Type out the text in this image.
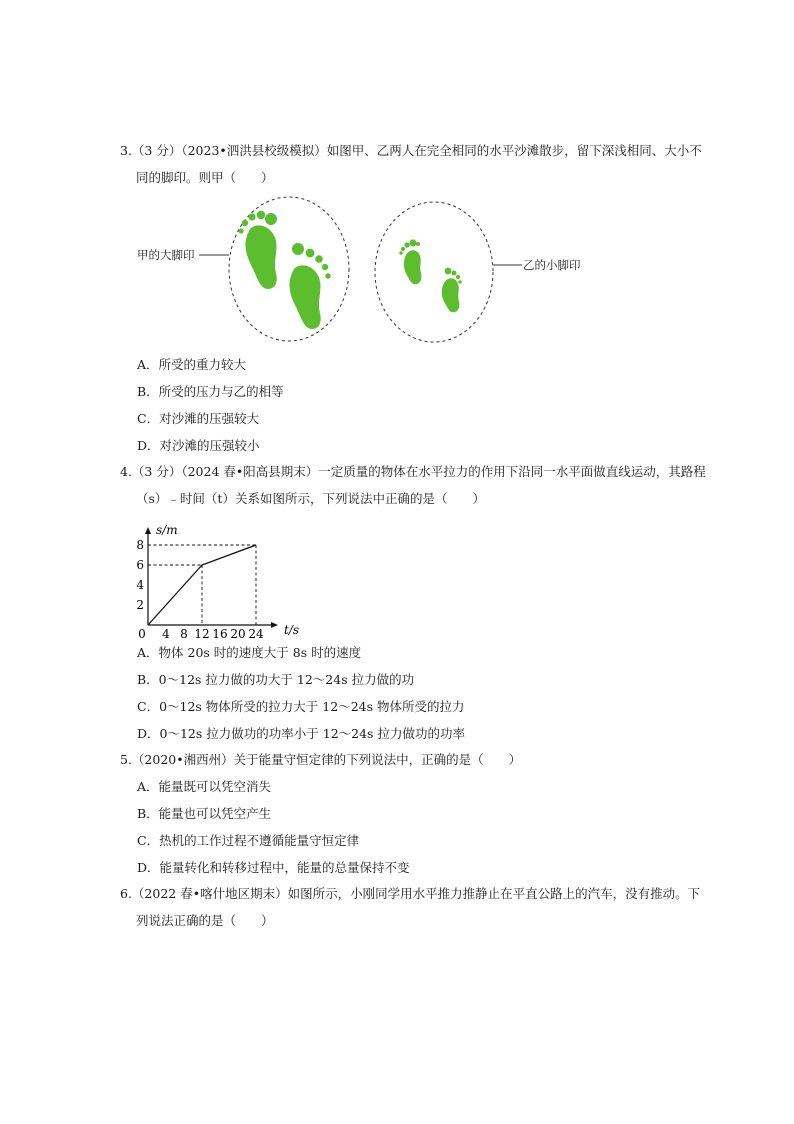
3.（3 分）（2023•泗洪县校级模拟）如图甲、乙两人在完全相同的水平沙滩散步，留下深浅相同、大小不
同的脚印。则甲（　　）
甲的大脚印
乙的小脚印
A．所受的重力较大
B．所受的压力与乙的相等
C．对沙滩的压强较大
D．对沙滩的压强较小
4.（3 分）（2024 春•阳高县期末）一定质量的物体在水平拉力的作用下沿同一水平面做直线运动，其路程
（s）﹣时间（t）关系如图所示，下列说法中正确的是（　　）
s/m
t/s
0 4 8 12 16 20 24
2
4
6
8
A．物体 20s 时的速度大于 8s 时的速度
B．0～12s 拉力做的功大于 12～24s 拉力做的功
C．0～12s 物体所受的拉力大于 12～24s 物体所受的拉力
D．0～12s 拉力做功的功率小于 12～24s 拉力做功的功率
5.（2020•湘西州）关于能量守恒定律的下列说法中，正确的是（　　）
A．能量既可以凭空消失
B．能量也可以凭空产生
C．热机的工作过程不遵循能量守恒定律
D．能量转化和转移过程中，能量的总量保持不变
6.（2022 春•喀什地区期末）如图所示，小刚同学用水平推力推静止在平直公路上的汽车，没有推动。下
列说法正确的是（　　）
